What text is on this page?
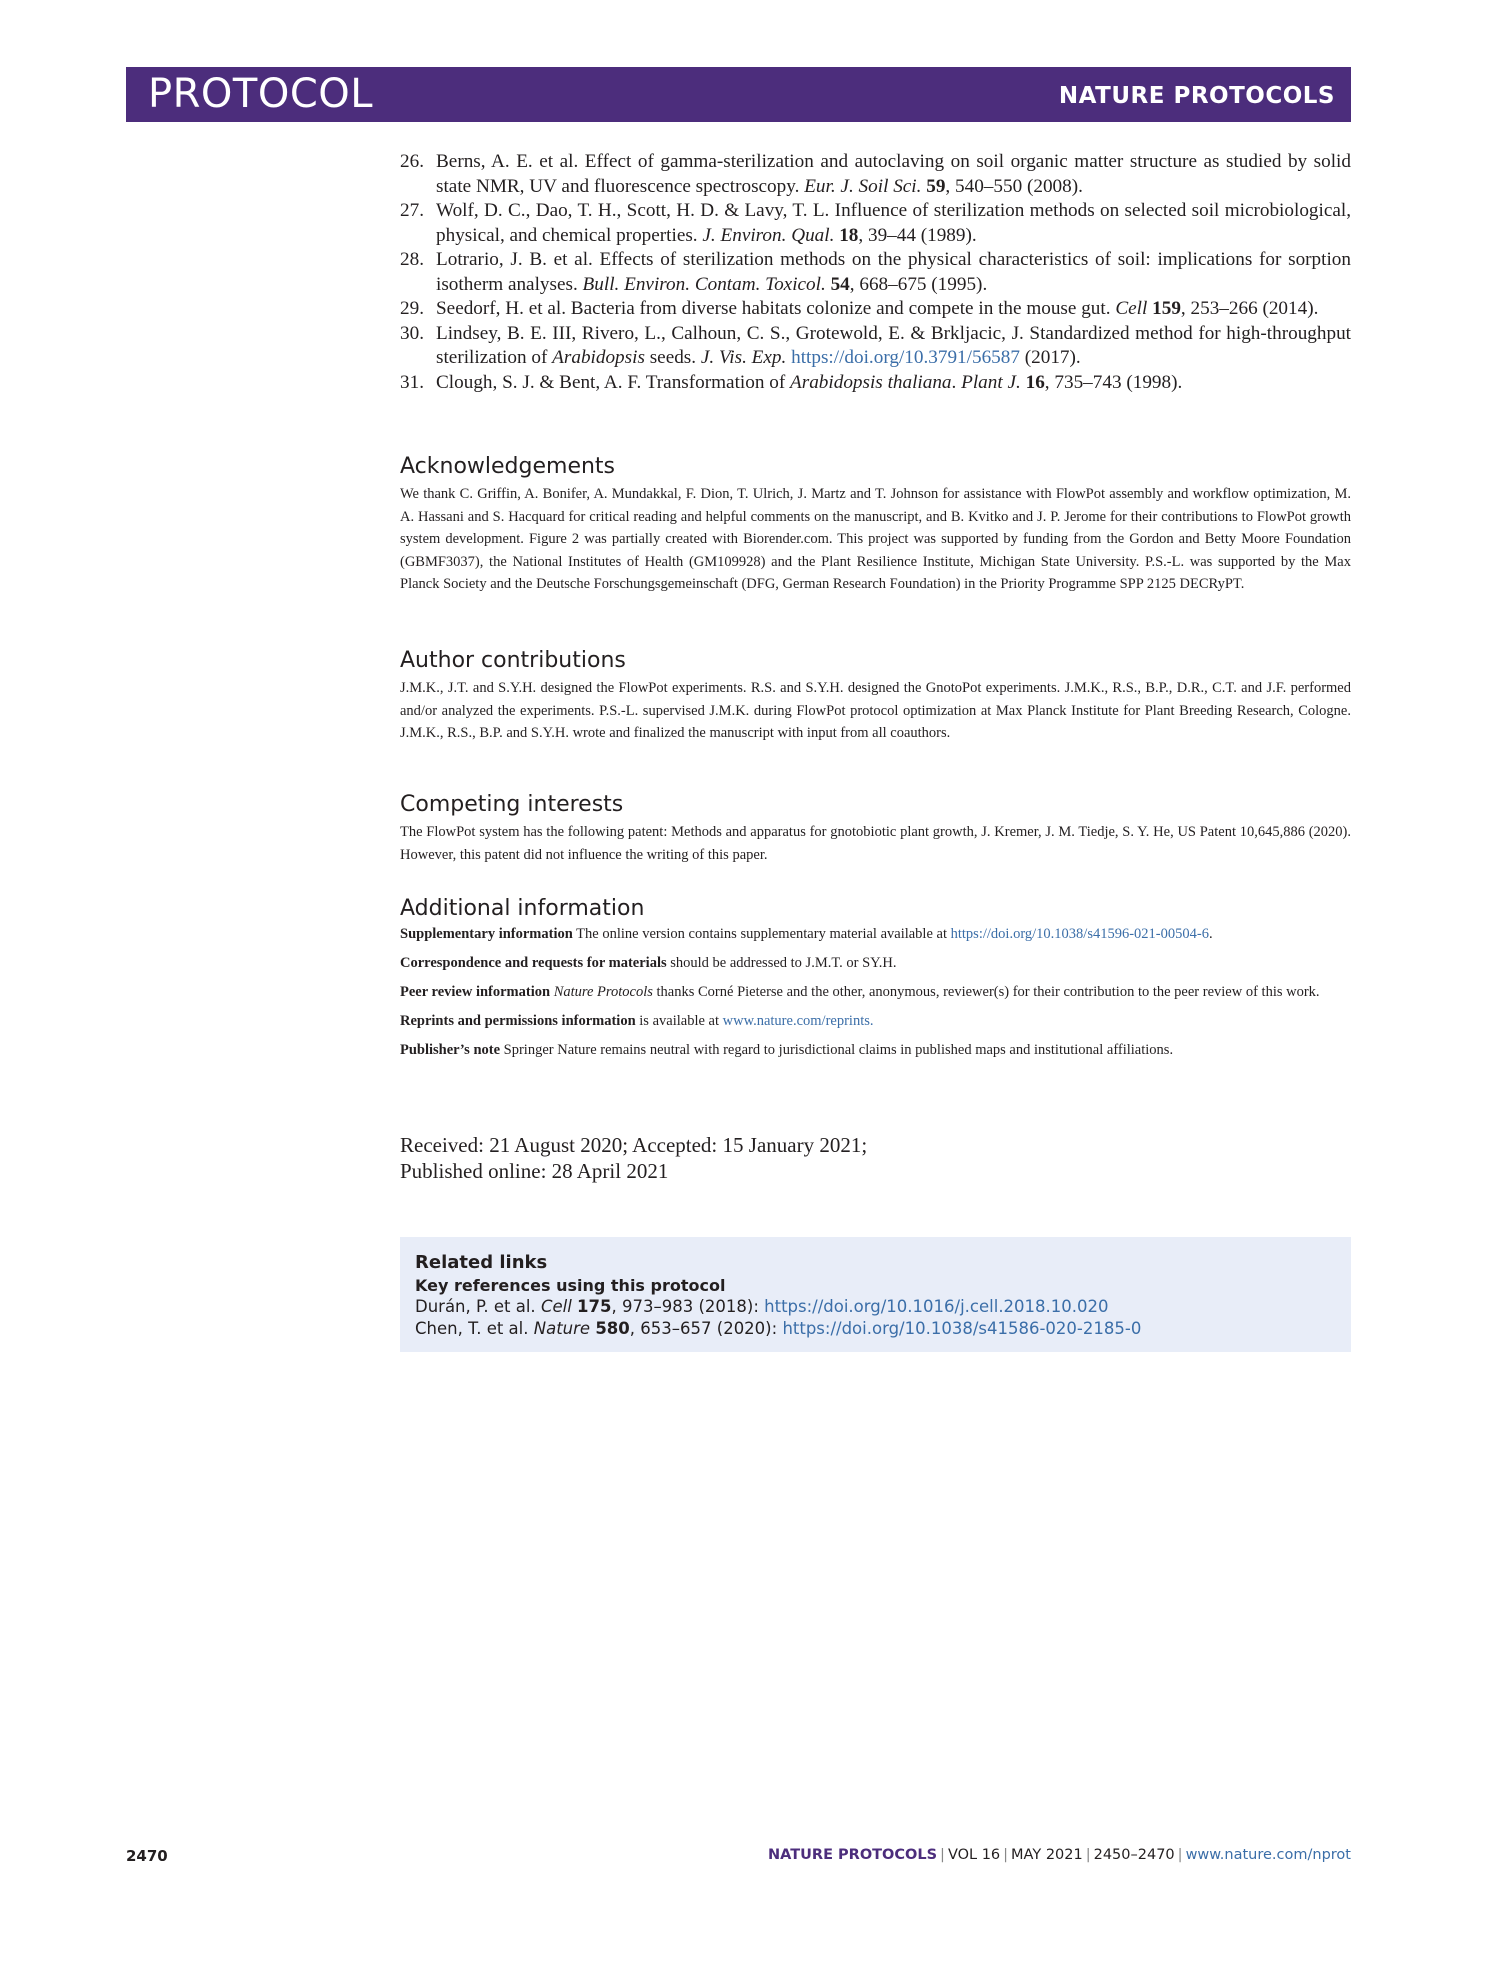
PROTOCOL	NATURE PROTOCOLS
26. Berns, A. E. et al. Effect of gamma-sterilization and autoclaving on soil organic matter structure as studied by solid state NMR, UV and fluorescence spectroscopy. Eur. J. Soil Sci. 59, 540–550 (2008).
27. Wolf, D. C., Dao, T. H., Scott, H. D. & Lavy, T. L. Influence of sterilization methods on selected soil microbiological, physical, and chemical properties. J. Environ. Qual. 18, 39–44 (1989).
28. Lotrario, J. B. et al. Effects of sterilization methods on the physical characteristics of soil: implications for sorption isotherm analyses. Bull. Environ. Contam. Toxicol. 54, 668–675 (1995).
29. Seedorf, H. et al. Bacteria from diverse habitats colonize and compete in the mouse gut. Cell 159, 253–266 (2014).
30. Lindsey, B. E. III, Rivero, L., Calhoun, C. S., Grotewold, E. & Brkljacic, J. Standardized method for high-throughput sterilization of Arabidopsis seeds. J. Vis. Exp. https://doi.org/10.3791/56587 (2017).
31. Clough, S. J. & Bent, A. F. Transformation of Arabidopsis thaliana. Plant J. 16, 735–743 (1998).
Acknowledgements

We thank C. Griffin, A. Bonifer, A. Mundakkal, F. Dion, T. Ulrich, J. Martz and T. Johnson for assistance with FlowPot assembly and workflow optimization, M. A. Hassani and S. Hacquard for critical reading and helpful comments on the manuscript, and B. Kvitko and J. P. Jerome for their contributions to FlowPot growth system development. Figure 2 was partially created with Biorender.com. This project was supported by funding from the Gordon and Betty Moore Foundation (GBMF3037), the National Institutes of Health (GM109928) and the Plant Resilience Institute, Michigan State University. P.S.-L. was supported by the Max Planck Society and the Deutsche Forschungsgemeinschaft (DFG, German Research Foundation) in the Priority Programme SPP 2125 DECRyPT.

Author contributions

J.M.K., J.T. and S.Y.H. designed the FlowPot experiments. R.S. and S.Y.H. designed the GnotoPot experiments. J.M.K., R.S., B.P., D.R., C.T. and J.F. performed and/or analyzed the experiments. P.S.-L. supervised J.M.K. during FlowPot protocol optimization at Max Planck Institute for Plant Breeding Research, Cologne. J.M.K., R.S., B.P. and S.Y.H. wrote and finalized the manuscript with input from all coauthors.

Competing interests

The FlowPot system has the following patent: Methods and apparatus for gnotobiotic plant growth, J. Kremer, J. M. Tiedje, S. Y. He, US Patent 10,645,886 (2020). However, this patent did not influence the writing of this paper.

Additional information

Supplementary information The online version contains supplementary material available at https://doi.org/10.1038/s41596-021-00504-6.

Correspondence and requests for materials should be addressed to J.M.T. or SY.H.

Peer review information Nature Protocols thanks Corné Pieterse and the other, anonymous, reviewer(s) for their contribution to the peer review of this work.

Reprints and permissions information is available at www.nature.com/reprints.

Publisher’s note Springer Nature remains neutral with regard to jurisdictional claims in published maps and institutional affiliations.

Received: 21 August 2020; Accepted: 15 January 2021;
Published online: 28 April 2021
Related links
Key references using this protocol
Durán, P. et al. Cell 175, 973–983 (2018): https://doi.org/10.1016/j.cell.2018.10.020
Chen, T. et al. Nature 580, 653–657 (2020): https://doi.org/10.1038/s41586-020-2185-0
2470	NATURE PROTOCOLS | VOL 16 | MAY 2021 | 2450–2470 | www.nature.com/nprot
